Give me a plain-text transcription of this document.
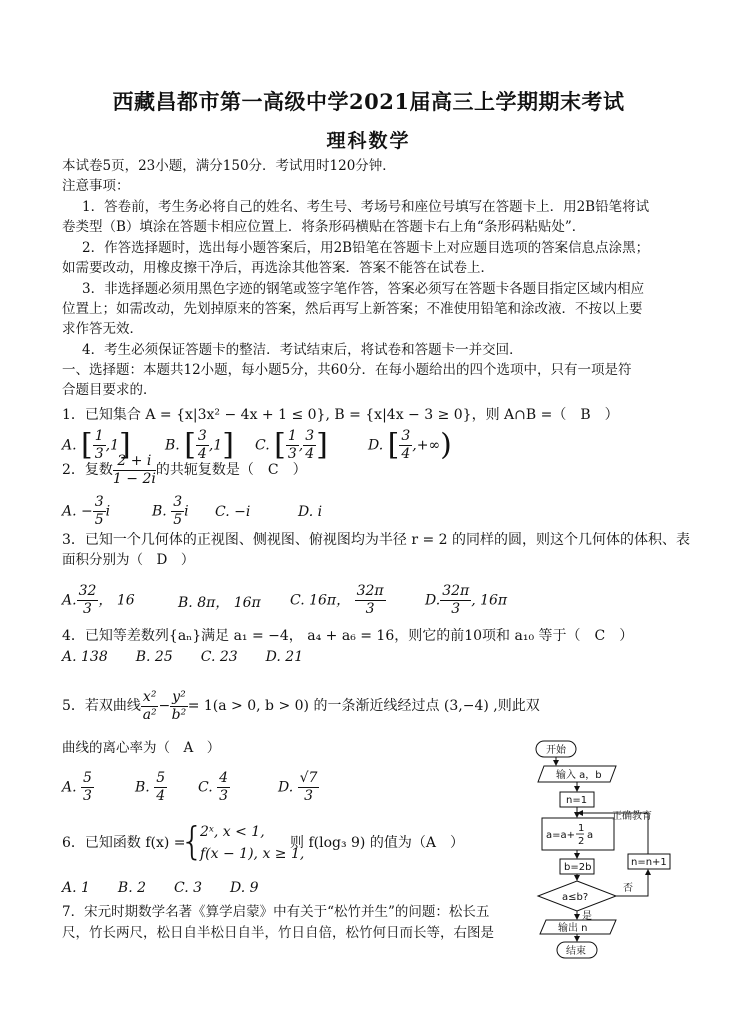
西藏昌都市第一高级中学2021届高三上学期期末考试
理科数学
本试卷5页，23小题，满分150分．考试用时120分钟．
注意事项：
1．答卷前，考生务必将自己的姓名、考生号、考场号和座位号填写在答题卡上．用2B铅笔将试
卷类型（B）填涂在答题卡相应位置上．将条形码横贴在答题卡右上角“条形码粘贴处”．
2．作答选择题时，选出每小题答案后，用2B铅笔在答题卡上对应题目选项的答案信息点涂黑；
如需要改动，用橡皮擦干净后，再选涂其他答案．答案不能答在试卷上．
3．非选择题必须用黑色字迹的钢笔或签字笔作答，答案必须写在答题卡各题目指定区域内相应
位置上；如需改动，先划掉原来的答案，然后再写上新答案；不准使用铅笔和涂改液．不按以上要
求作答无效．
4．考生必须保证答题卡的整洁．考试结束后，将试卷和答题卡一并交回．
一、选择题：本题共12小题，每小题5分，共60分．在每小题给出的四个选项中，只有一项是符
合题目要求的．
1．已知集合 A = {x|3x² − 4x + 1 ≤ 0}, B = {x|4x − 3 ≥ 0}，则 A∩B =（　B　）
A. [ $\frac{1}{3} ,1$] B. [ $\frac{3}{4} ,1$] C. [ $\frac{1}{3}$ , $\frac{3}{4}$ ]	D. [ $\frac{3}{4}$ ,+∞)
2．复数 $\frac{2 + i}{1 - 2i}$ 的共轭复数是（　C　）
A. − $\frac{3}{5}$ i	B. $\frac{3}{5}$ i C. −i	D. i
3．已知一个几何体的正视图、侧视图、俯视图均为半径 r = 2 的同样的圆，则这个几何体的体积、表
面积分别为（　D　）
A. $\frac{32}{3}$ ， 16	B. 8π， 16π C. 16π， $\frac{32\pi}{3}$	D. $\frac{32\pi}{3}$ , 16π
4．已知等差数列{aₙ}满足 a₁ = −4， a₄ + a₆ = 16，则它的前10项和 a₁₀ 等于（　C　）
A. 138　　B. 25　　C. 23　　D. 21
5．若双曲线 $\frac{\text{x²}}{\text{a²}} - \frac{\text{y²}}{\text{b²}} = 1(a > 0$, b > 0) 的一条渐近线经过点 (3,−4) ,则此双
曲线的离心率为（　A　）
A. $\frac{5}{3}$	B. $\frac{5}{4} C$. $\frac{4}{3}$	D. $\frac{√7}{3}$
6．已知函数 f(x) =
{
2ˣ, x < 1,
f(x − 1), x ≥ 1,
则 f(log₃ 9) 的值为（A　）
A. 1　　B. 2　　C. 3　　D. 9
7．宋元时期数学名著《算学启蒙》中有关于“松竹并生”的问题：松长五
尺，竹长两尺，松日自半松日自半，竹日自倍，松竹何日而长等，右图是
开始
输入 a，b
n=1
a=a+
1
2
a
b=2b
a≤b?
是
否
n=n+1
输出 n
结束
正确教育
